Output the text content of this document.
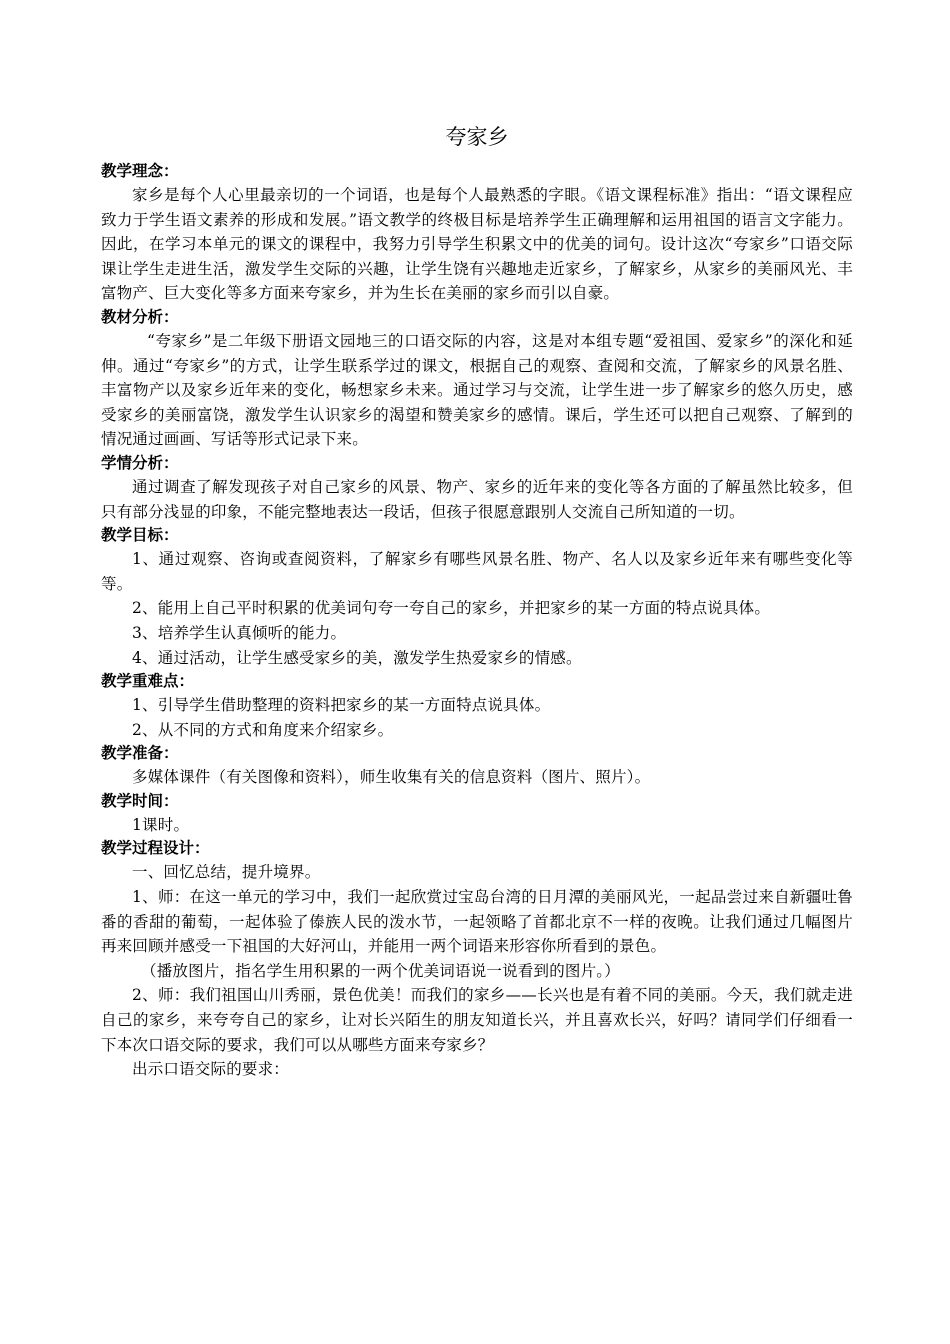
夸家乡

教学理念：

家乡是每个人心里最亲切的一个词语，也是每个人最熟悉的字眼。《语文课程标准》指出：“语文课程应致力于学生语文素养的形成和发展。”语文教学的终极目标是培养学生正确理解和运用祖国的语言文字能力。因此，在学习本单元的课文的课程中，我努力引导学生积累文中的优美的词句。设计这次“夸家乡”口语交际课让学生走进生活，激发学生交际的兴趣，让学生饶有兴趣地走近家乡，了解家乡，从家乡的美丽风光、丰富物产、巨大变化等多方面来夸家乡，并为生长在美丽的家乡而引以自豪。

教材分析：

“夸家乡”是二年级下册语文园地三的口语交际的内容，这是对本组专题“爱祖国、爱家乡”的深化和延伸。通过“夸家乡”的方式，让学生联系学过的课文，根据自己的观察、查阅和交流，了解家乡的风景名胜、丰富物产以及家乡近年来的变化，畅想家乡未来。通过学习与交流，让学生进一步了解家乡的悠久历史，感受家乡的美丽富饶，激发学生认识家乡的渴望和赞美家乡的感情。课后，学生还可以把自己观察、了解到的情况通过画画、写话等形式记录下来。

学情分析：

通过调查了解发现孩子对自己家乡的风景、物产、家乡的近年来的变化等各方面的了解虽然比较多，但只有部分浅显的印象，不能完整地表达一段话，但孩子很愿意跟别人交流自己所知道的一切。

教学目标：

1、通过观察、咨询或查阅资料，了解家乡有哪些风景名胜、物产、名人以及家乡近年来有哪些变化等等。

2、能用上自己平时积累的优美词句夸一夸自己的家乡，并把家乡的某一方面的特点说具体。

3、培养学生认真倾听的能力。

4、通过活动，让学生感受家乡的美，激发学生热爱家乡的情感。

教学重难点：

1、引导学生借助整理的资料把家乡的某一方面特点说具体。

2、从不同的方式和角度来介绍家乡。

教学准备：

多媒体课件（有关图像和资料），师生收集有关的信息资料（图片、照片）。

教学时间：

1课时。

教学过程设计：

一、回忆总结，提升境界。

1、师：在这一单元的学习中，我们一起欣赏过宝岛台湾的日月潭的美丽风光，一起品尝过来自新疆吐鲁番的香甜的葡萄，一起体验了傣族人民的泼水节，一起领略了首都北京不一样的夜晚。让我们通过几幅图片再来回顾并感受一下祖国的大好河山，并能用一两个词语来形容你所看到的景色。

（播放图片，指名学生用积累的一两个优美词语说一说看到的图片。）

2、师：我们祖国山川秀丽，景色优美！而我们的家乡——长兴也是有着不同的美丽。今天，我们就走进自己的家乡，来夸夸自己的家乡，让对长兴陌生的朋友知道长兴，并且喜欢长兴，好吗？请同学们仔细看一下本次口语交际的要求，我们可以从哪些方面来夸家乡？

出示口语交际的要求：
